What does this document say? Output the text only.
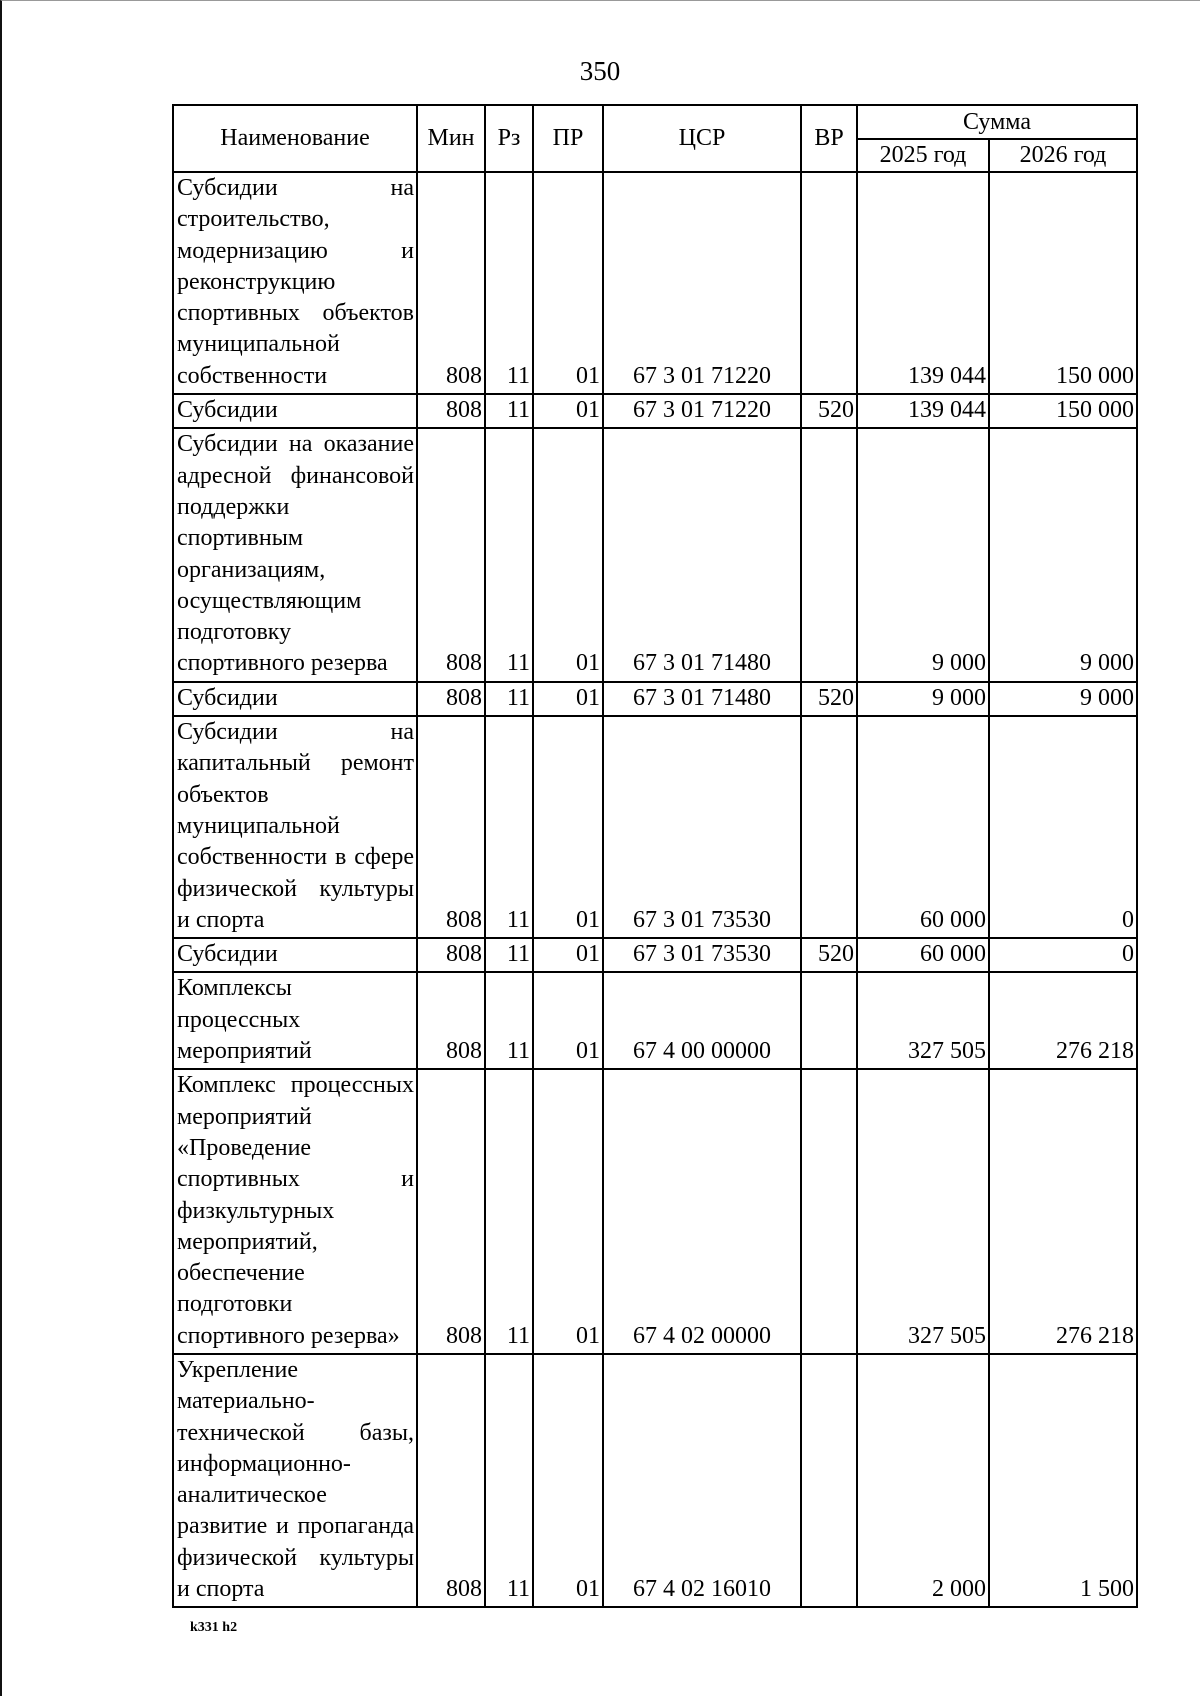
350
Наименование	Мин	Рз	ПР	ЦСР	ВР	Сумма	
						2025 год	2026 год
Субсидии на строительство, модернизацию и реконструкцию спортивных объектов муниципальной собственности	808	11	01	67 3 01 71220		139 044	150 000
Субсидии	808	11	01	67 3 01 71220	520	139 044	150 000
Субсидии на оказание адресной финансовой поддержки спортивным организациям, осуществляющим подготовку спортивного резерва	808	11	01	67 3 01 71480		9 000	9 000
Субсидии	808	11	01	67 3 01 71480	520	9 000	9 000
Субсидии на капитальный ремонт объектов муниципальной собственности в сфере физической культуры и спорта	808	11	01	67 3 01 73530		60 000	0
Субсидии	808	11	01	67 3 01 73530	520	60 000	0
Комплексы процессных мероприятий	808	11	01	67 4 00 00000		327 505	276 218
Комплекс процессных мероприятий «Проведение спортивных и физкультурных мероприятий, обеспечение подготовки спортивного резерва»	808	11	01	67 4 02 00000		327 505	276 218
Укрепление материально-технической базы, информационно-аналитическое развитие и пропаганда физической культуры и спорта	808	11	01	67 4 02 16010		2 000	1 500
k331 h2
